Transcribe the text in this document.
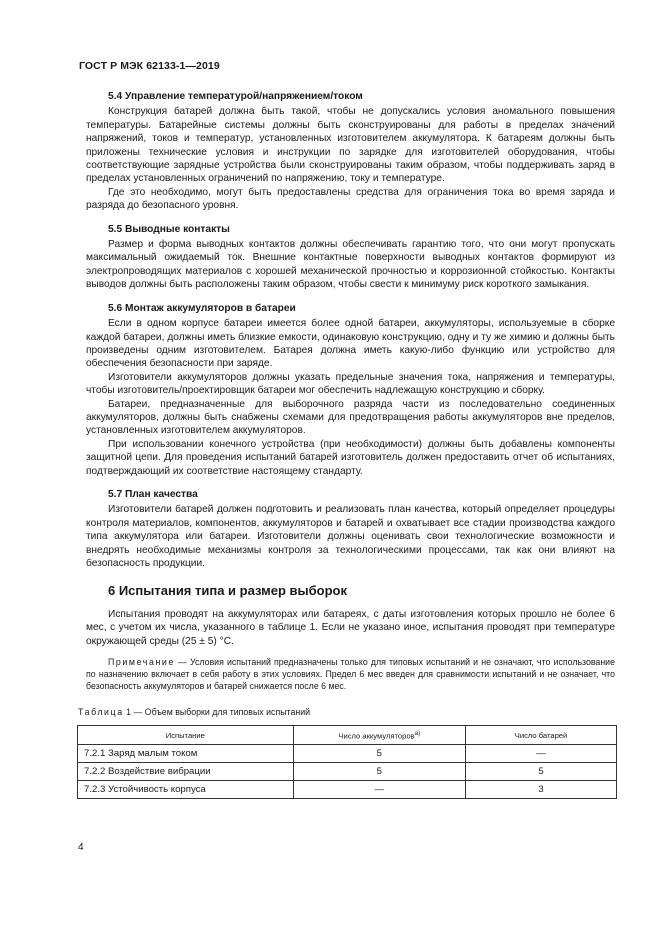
ГОСТ Р МЭК 62133-1—2019
5.4 Управление температурой/напряжением/током

Конструкция батарей должна быть такой, чтобы не допускались условия аномального повышения температуры. Батарейные системы должны быть сконструированы для работы в пределах значений напряжений, токов и температур, установленных изготовителем аккумулятора. К батареям должны быть приложены технические условия и инструкции по зарядке для изготовителей оборудования, чтобы соответствующие зарядные устройства были сконструированы таким образом, чтобы поддерживать заряд в пределах установленных ограничений по напряжению, току и температуре.

Где это необходимо, могут быть предоставлены средства для ограничения тока во время заряда и разряда до безопасного уровня.

5.5 Выводные контакты

Размер и форма выводных контактов должны обеспечивать гарантию того, что они могут пропускать максимальный ожидаемый ток. Внешние контактные поверхности выводных контактов формируют из электропроводящих материалов с хорошей механической прочностью и коррозионной стойкостью. Контакты выводов должны быть расположены таким образом, чтобы свести к минимуму риск короткого замыкания.

5.6 Монтаж аккумуляторов в батареи

Если в одном корпусе батареи имеется более одной батареи, аккумуляторы, используемые в сборке каждой батареи, должны иметь близкие емкости, одинаковую конструкцию, одну и ту же химию и должны быть произведены одним изготовителем. Батарея должна иметь какую-либо функцию или устройство для обеспечения безопасности при заряде.

Изготовители аккумуляторов должны указать предельные значения тока, напряжения и температуры, чтобы изготовитель/проектировщик батареи мог обеспечить надлежащую конструкцию и сборку.

Батареи, предназначенные для выборочного разряда части из последовательно соединенных аккумуляторов, должны быть снабжены схемами для предотвращения работы аккумуляторов вне пределов, установленных изготовителем аккумуляторов.

При использовании конечного устройства (при необходимости) должны быть добавлены компоненты защитной цепи. Для проведения испытаний батарей изготовитель должен предоставить отчет об испытаниях, подтверждающий их соответствие настоящему стандарту.

5.7 План качества

Изготовители батарей должен подготовить и реализовать план качества, который определяет процедуры контроля материалов, компонентов, аккумуляторов и батарей и охватывает все стадии производства каждого типа аккумулятора или батареи. Изготовители должны оценивать свои технологические возможности и внедрять необходимые механизмы контроля за технологическими процессами, так как они влияют на безопасность продукции.

6 Испытания типа и размер выборок

Испытания проводят на аккумуляторах или батареях, с даты изготовления которых прошло не более 6 мес, с учетом их числа, указанного в таблице 1. Если не указано иное, испытания проводят при температуре окружающей среды (25 ± 5) °С.

Примечание — Условия испытаний предназначены только для типовых испытаний и не означают, что использование по назначению включает в себя работу в этих условиях. Предел 6 мес введен для сравнимости испытаний и не означает, что безопасность аккумуляторов и батарей снижается после 6 мес.
Таблица 1 — Объем выборки для типовых испытаний
Испытание	Число аккумуляторов$^{а)}$	Число батарей
7.2.1 Заряд малым током	5	—
7.2.2 Воздействие вибрации	5	5
7.2.3 Устойчивость корпуса	—	3
4
